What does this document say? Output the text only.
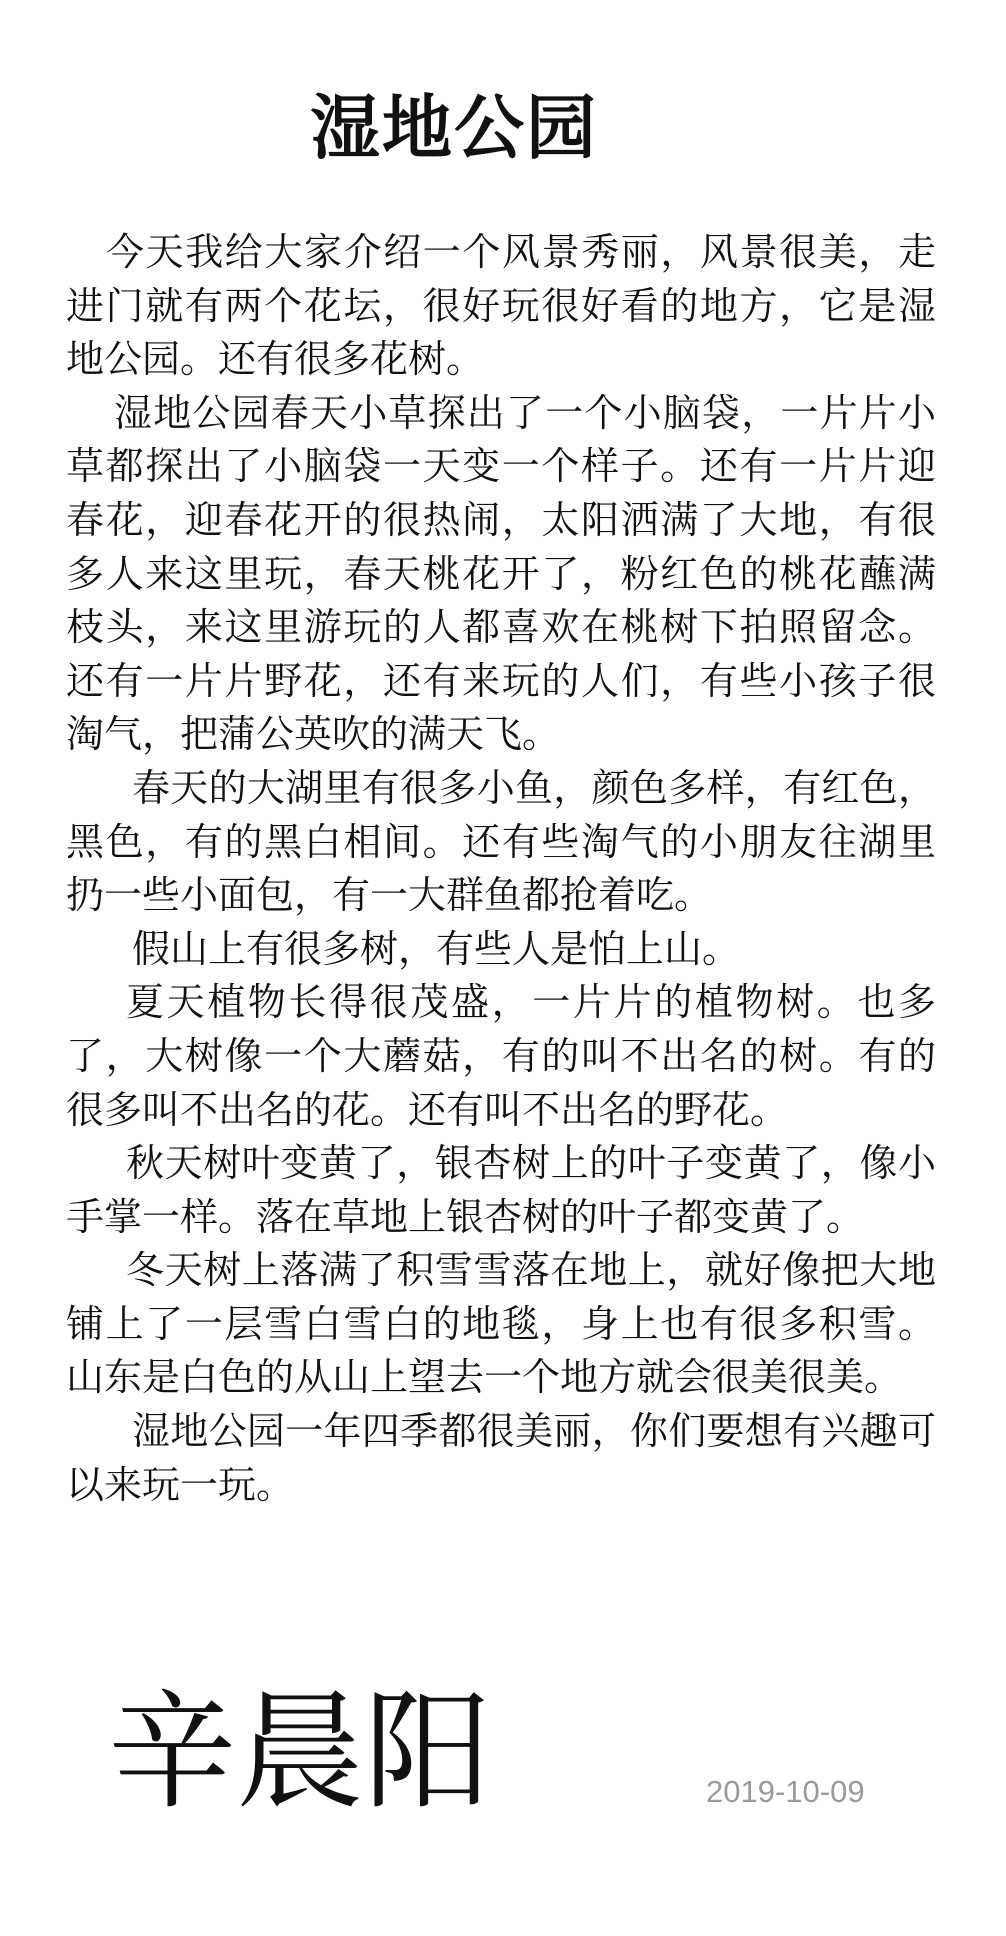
湿地公园

今天我给大家介绍一个风景秀丽，风景很美，走进门就有两个花坛，很好玩很好看的地方，它是湿地公园。还有很多花树。

湿地公园春天小草探出了一个小脑袋，一片片小草都探出了小脑袋一天变一个样子。还有一片片迎春花，迎春花开的很热闹，太阳洒满了大地，有很多人来这里玩，春天桃花开了，粉红色的桃花蘸满枝头，来这里游玩的人都喜欢在桃树下拍照留念。还有一片片野花，还有来玩的人们，有些小孩子很淘气，把蒲公英吹的满天飞。

春天的大湖里有很多小鱼，颜色多样，有红色，黑色，有的黑白相间。还有些淘气的小朋友往湖里扔一些小面包，有一大群鱼都抢着吃。

假山上有很多树，有些人是怕上山。

夏天植物长得很茂盛，一片片的植物树。也多了，大树像一个大蘑菇，有的叫不出名的树。有的很多叫不出名的花。还有叫不出名的野花。

秋天树叶变黄了，银杏树上的叶子变黄了，像小手掌一样。落在草地上银杏树的叶子都变黄了。

冬天树上落满了积雪雪落在地上，就好像把大地铺上了一层雪白雪白的地毯，身上也有很多积雪。山东是白色的从山上望去一个地方就会很美很美。

湿地公园一年四季都很美丽，你们要想有兴趣可以来玩一玩。

辛晨阳	2019-10-09
